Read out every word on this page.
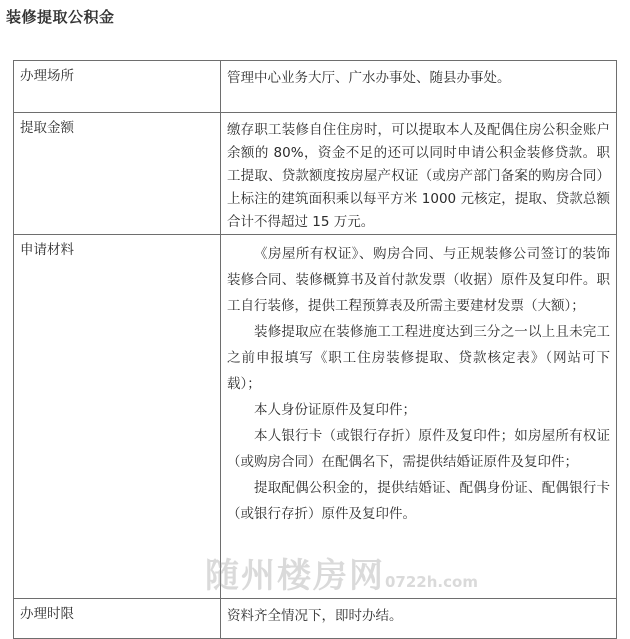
装修提取公积金
办理场所	管理中心业务大厅、广水办事处、随县办事处。

提取金额	缴存职工装修自住住房时，可以提取本人及配偶住房公积金账户余额的 80%，资金不足的还可以同时申请公积金装修贷款。职工提取、贷款额度按房屋产权证（或房产部门备案的购房合同）上标注的建筑面积乘以每平方米 1000 元核定，提取、贷款总额合计不得超过 15 万元。

申请材料	《房屋所有权证》、购房合同、与正规装修公司签订的装饰装修合同、装修概算书及首付款发票（收据）原件及复印件。职工自行装修，提供工程预算表及所需主要建材发票（大额）；

装修提取应在装修施工工程进度达到三分之一以上且未完工之前申报填写《职工住房装修提取、贷款核定表》（网站可下载）；

本人身份证原件及复印件；

本人银行卡（或银行存折）原件及复印件；如房屋所有权证（或购房合同）在配偶名下，需提供结婚证原件及复印件；

提取配偶公积金的，提供结婚证、配偶身份证、配偶银行卡（或银行存折）原件及复印件。

办理时限	资料齐全情况下，即时办结。

随州楼房网0722h.com
